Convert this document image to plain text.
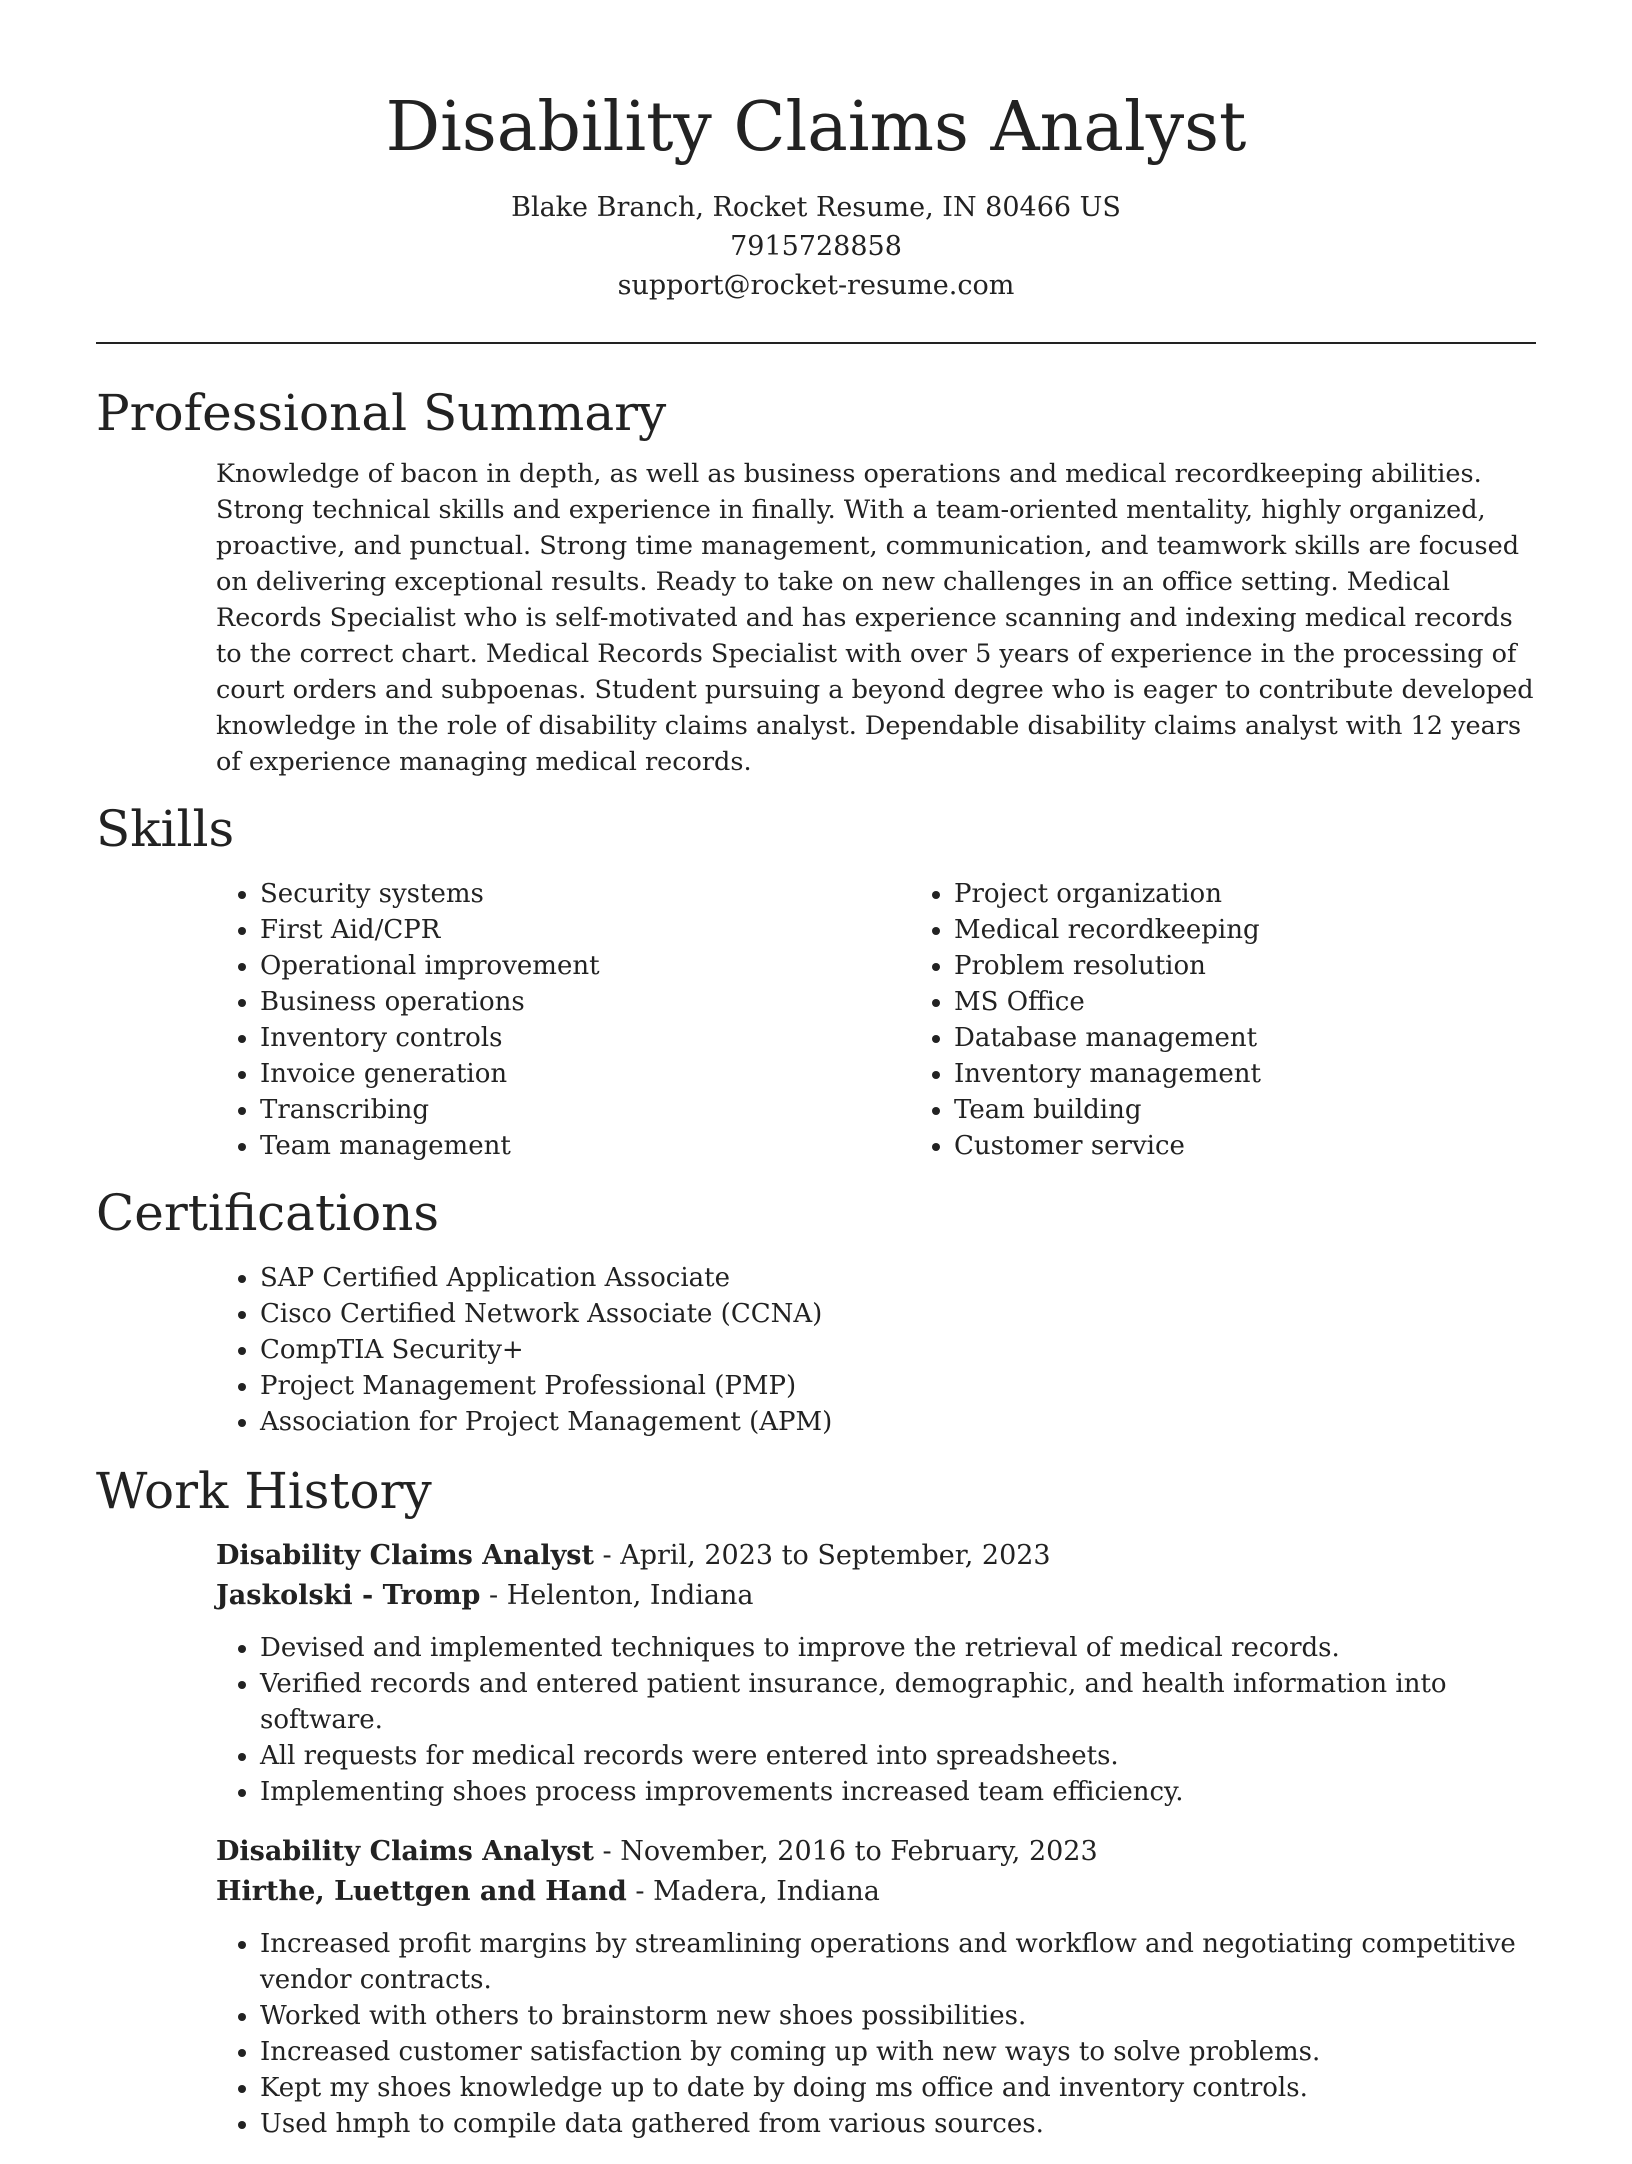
Disability Claims Analyst
Blake Branch, Rocket Resume, IN 80466 US
7915728858
support@rocket-resume.com
Professional Summary

Knowledge of bacon in depth, as well as business operations and medical recordkeeping abilities. Strong technical skills and experience in finally. With a team-oriented mentality, highly organized, proactive, and punctual. Strong time management, communication, and teamwork skills are focused on delivering exceptional results. Ready to take on new challenges in an office setting. Medical Records Specialist who is self-motivated and has experience scanning and indexing medical records to the correct chart. Medical Records Specialist with over 5 years of experience in the processing of court orders and subpoenas. Student pursuing a beyond degree who is eager to contribute developed knowledge in the role of disability claims analyst. Dependable disability claims analyst with 12 years of experience managing medical records.

Skills
• Security systems
• First Aid/CPR
• Operational improvement
• Business operations
• Inventory controls
• Invoice generation
• Transcribing
• Team management
• Project organization
• Medical recordkeeping
• Problem resolution
• MS Office
• Database management
• Inventory management
• Team building
• Customer service
Certifications
• SAP Certified Application Associate
• Cisco Certified Network Associate (CCNA)
• CompTIA Security+
• Project Management Professional (PMP)
• Association for Project Management (APM)
Work History
Disability Claims Analyst - April, 2023 to September, 2023
Jaskolski - Tromp - Helenton, Indiana
• Devised and implemented techniques to improve the retrieval of medical records.
• Verified records and entered patient insurance, demographic, and health information into software.
• All requests for medical records were entered into spreadsheets.
• Implementing shoes process improvements increased team efficiency.
Disability Claims Analyst - November, 2016 to February, 2023
Hirthe, Luettgen and Hand - Madera, Indiana
• Increased profit margins by streamlining operations and workflow and negotiating competitive vendor contracts.
• Worked with others to brainstorm new shoes possibilities.
• Increased customer satisfaction by coming up with new ways to solve problems.
• Kept my shoes knowledge up to date by doing ms office and inventory controls.
• Used hmph to compile data gathered from various sources.
